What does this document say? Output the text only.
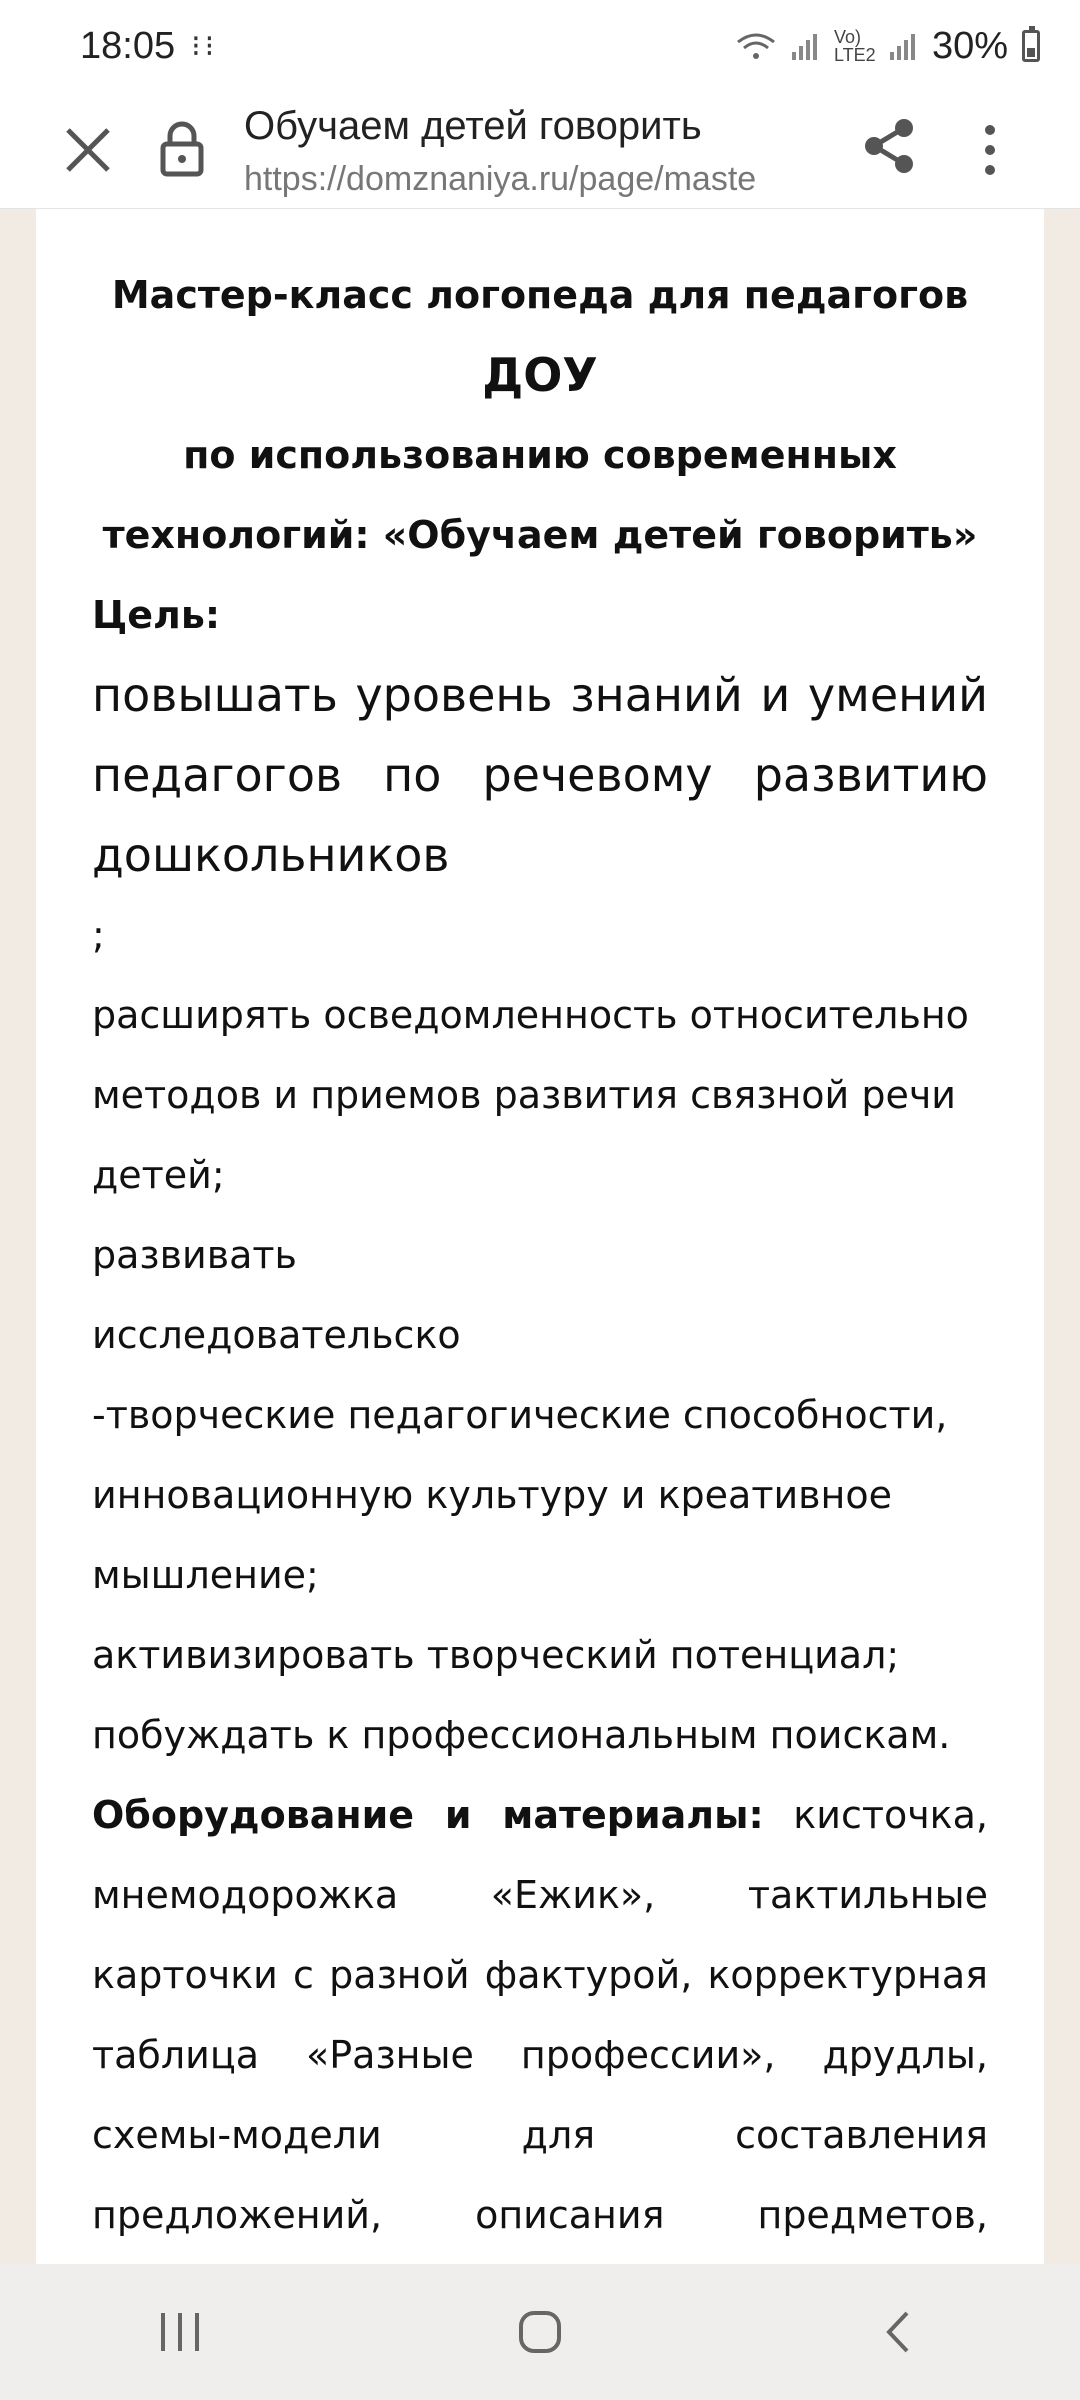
18:05 ⁝⁝	Vo) LTE2 30%
Обучаем детей говорить
https://domznaniya.ru/page/maste

Мастер-класс логопеда для педагогов

ДОУ

по использованию современных

технологий: «Обучаем детей говорить»

Цель:

повышать уровень знаний и умений педагогов по речевому развитию дошкольников

;

расширять осведомленность относительно методов и приемов развития связной речи детей;

развивать

исследовательско

-творческие педагогические способности, инновационную культуру и креативное мышление;

активизировать творческий потенциал;

побуждать к профессиональным поискам.

Оборудование и материалы: кисточка, мнемодорожка «Ежик», тактильные карточки с разной фактурой, корректурная таблица «Разные профессии», друдлы, схемы-модели для составления предложений, описания предметов,
